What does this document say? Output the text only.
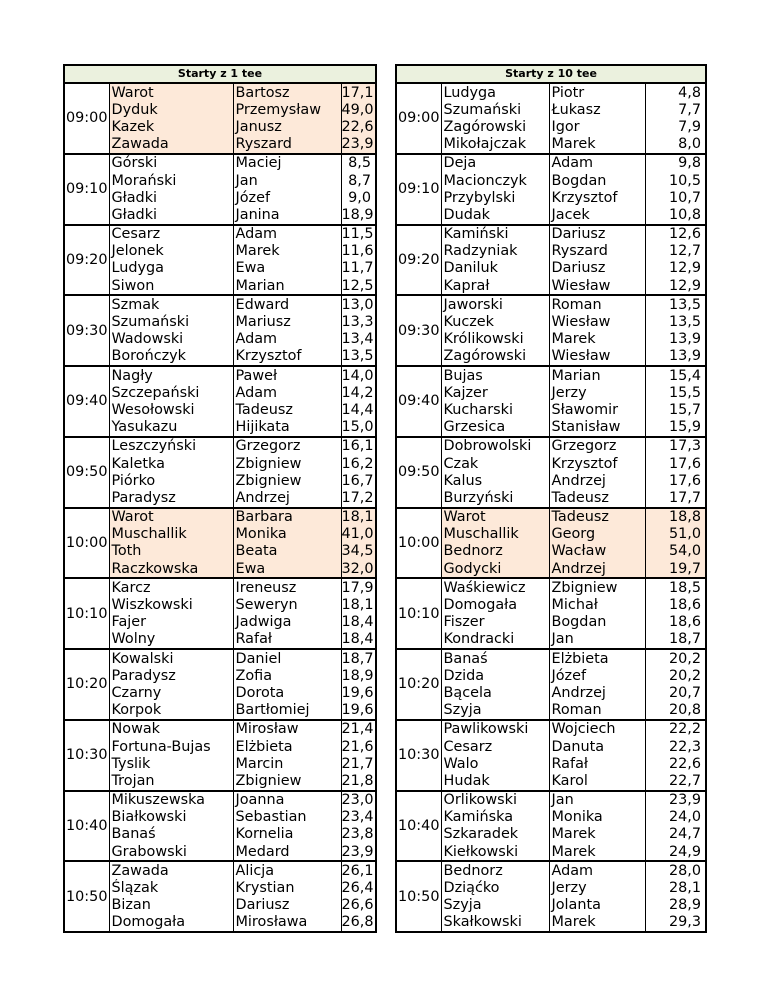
Starty z 1 tee			
09:00	Warot	Bartosz	17,1
	Dyduk	Przemysław	49,0
	Kazek	Janusz	22,6
	Zawada	Ryszard	23,9
09:10	Górski	Maciej	8,5
	Morański	Jan	8,7
	Gładki	Józef	9,0
	Gładki	Janina	18,9
09:20	Cesarz	Adam	11,5
	Jelonek	Marek	11,6
	Ludyga	Ewa	11,7
	Siwon	Marian	12,5
09:30	Szmak	Edward	13,0
	Szumański	Mariusz	13,3
	Wadowski	Adam	13,4
	Borończyk	Krzysztof	13,5
09:40	Nagły	Paweł	14,0
	Szczepański	Adam	14,2
	Wesołowski	Tadeusz	14,4
	Yasukazu	Hijikata	15,0
09:50	Leszczyński	Grzegorz	16,1
	Kaletka	Zbigniew	16,2
	Piórko	Zbigniew	16,7
	Paradysz	Andrzej	17,2
10:00	Warot	Barbara	18,1
	Muschallik	Monika	41,0
	Toth	Beata	34,5
	Raczkowska	Ewa	32,0
10:10	Karcz	Ireneusz	17,9
	Wiszkowski	Seweryn	18,1
	Fajer	Jadwiga	18,4
	Wolny	Rafał	18,4
10:20	Kowalski	Daniel	18,7
	Paradysz	Zofia	18,9
	Czarny	Dorota	19,6
	Korpok	Bartłomiej	19,6
10:30	Nowak	Mirosław	21,4
	Fortuna-Bujas	Elżbieta	21,6
	Tyslik	Marcin	21,7
	Trojan	Zbigniew	21,8
10:40	Mikuszewska	Joanna	23,0
	Białkowski	Sebastian	23,4
	Banaś	Kornelia	23,8
	Grabowski	Medard	23,9
10:50	Zawada	Alicja	26,1
	Ślązak	Krystian	26,4
	Bizan	Dariusz	26,6
	Domogała	Mirosława	26,8
Starty z 10 tee			
09:00	Ludyga	Piotr	4,8
	Szumański	Łukasz	7,7
	Zagórowski	Igor	7,9
	Mikołajczak	Marek	8,0
09:10	Deja	Adam	9,8
	Macionczyk	Bogdan	10,5
	Przybylski	Krzysztof	10,7
	Dudak	Jacek	10,8
09:20	Kamiński	Dariusz	12,6
	Radzyniak	Ryszard	12,7
	Daniluk	Dariusz	12,9
	Kaprał	Wiesław	12,9
09:30	Jaworski	Roman	13,5
	Kuczek	Wiesław	13,5
	Królikowski	Marek	13,9
	Zagórowski	Wiesław	13,9
09:40	Bujas	Marian	15,4
	Kajzer	Jerzy	15,5
	Kucharski	Sławomir	15,7
	Grzesica	Stanisław	15,9
09:50	Dobrowolski	Grzegorz	17,3
	Czak	Krzysztof	17,6
	Kalus	Andrzej	17,6
	Burzyński	Tadeusz	17,7
10:00	Warot	Tadeusz	18,8
	Muschallik	Georg	51,0
	Bednorz	Wacław	54,0
	Godycki	Andrzej	19,7
10:10	Waśkiewicz	Zbigniew	18,5
	Domogała	Michał	18,6
	Fiszer	Bogdan	18,6
	Kondracki	Jan	18,7
10:20	Banaś	Elżbieta	20,2
	Dzida	Józef	20,2
	Bącela	Andrzej	20,7
	Szyja	Roman	20,8
10:30	Pawlikowski	Wojciech	22,2
	Cesarz	Danuta	22,3
	Walo	Rafał	22,6
	Hudak	Karol	22,7
10:40	Orlikowski	Jan	23,9
	Kamińska	Monika	24,0
	Szkaradek	Marek	24,7
	Kiełkowski	Marek	24,9
10:50	Bednorz	Adam	28,0
	Dziąćko	Jerzy	28,1
	Szyja	Jolanta	28,9
	Skałkowski	Marek	29,3
